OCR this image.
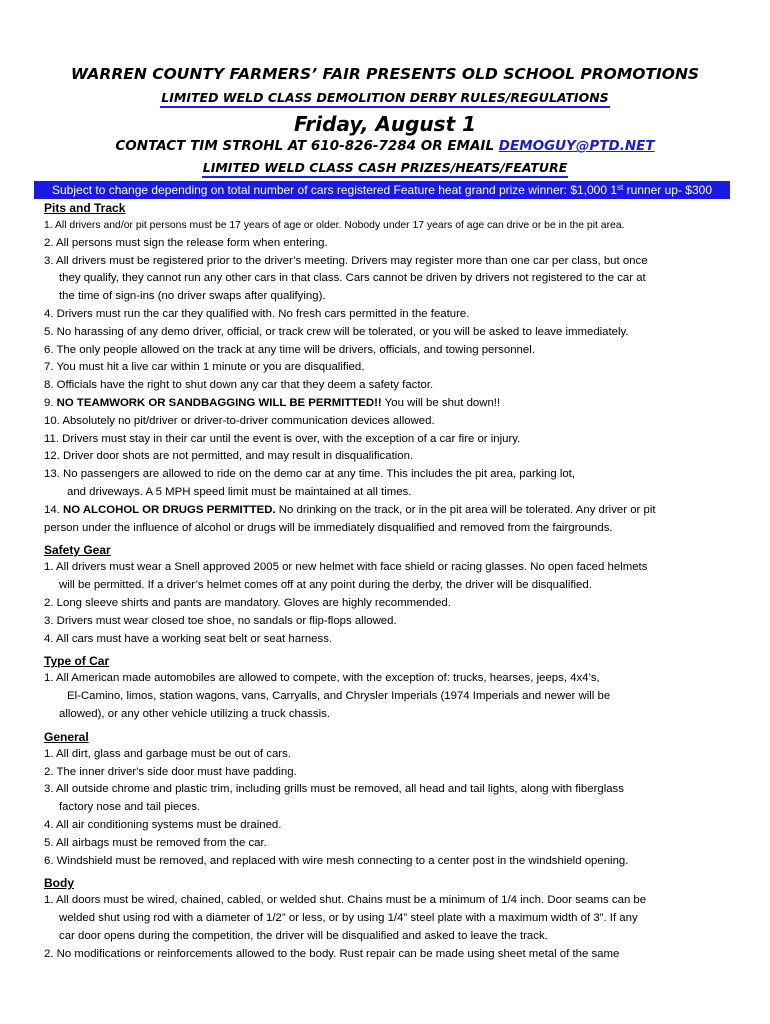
WARREN COUNTY FARMERS’ FAIR PRESENTS OLD SCHOOL PROMOTIONS
LIMITED WELD CLASS DEMOLITION DERBY RULES/REGULATIONS
Friday, August 1
CONTACT TIM STROHL AT 610-826-7284 OR EMAIL DEMOGUY@PTD.NET
LIMITED WELD CLASS CASH PRIZES/HEATS/FEATURE
Subject to change depending on total number of cars registered Feature heat grand prize winner: $1,000 1st runner up- $300
Pits and Track
1. All drivers and/or pit persons must be 17 years of age or older. Nobody under 17 years of age can drive or be in the pit area.
2. All persons must sign the release form when entering.
3. All drivers must be registered prior to the driver’s meeting. Drivers may register more than one car per class, but once
they qualify, they cannot run any other cars in that class. Cars cannot be driven by drivers not registered to the car at
the time of sign-ins (no driver swaps after qualifying).
4. Drivers must run the car they qualified with. No fresh cars permitted in the feature.
5. No harassing of any demo driver, official, or track crew will be tolerated, or you will be asked to leave immediately.
6. The only people allowed on the track at any time will be drivers, officials, and towing personnel.
7. You must hit a live car within 1 minute or you are disqualified.
8. Officials have the right to shut down any car that they deem a safety factor.
9. NO TEAMWORK OR SANDBAGGING WILL BE PERMITTED!! You will be shut down!!
10. Absolutely no pit/driver or driver-to-driver communication devices allowed.
11. Drivers must stay in their car until the event is over, with the exception of a car fire or injury.
12. Driver door shots are not permitted, and may result in disqualification.
13. No passengers are allowed to ride on the demo car at any time. This includes the pit area, parking lot,
and driveways. A 5 MPH speed limit must be maintained at all times.
14. NO ALCOHOL OR DRUGS PERMITTED. No drinking on the track, or in the pit area will be tolerated. Any driver or pit
person under the influence of alcohol or drugs will be immediately disqualified and removed from the fairgrounds.
Safety Gear
1. All drivers must wear a Snell approved 2005 or new helmet with face shield or racing glasses. No open faced helmets
will be permitted. If a driver’s helmet comes off at any point during the derby, the driver will be disqualified.
2. Long sleeve shirts and pants are mandatory. Gloves are highly recommended.
3. Drivers must wear closed toe shoe, no sandals or flip-flops allowed.
4. All cars must have a working seat belt or seat harness.
Type of Car
1. All American made automobiles are allowed to compete, with the exception of: trucks, hearses, jeeps, 4x4’s,
El-Camino, limos, station wagons, vans, Carryalls, and Chrysler Imperials (1974 Imperials and newer will be
allowed), or any other vehicle utilizing a truck chassis.
General
1. All dirt, glass and garbage must be out of cars.
2. The inner driver's side door must have padding.
3. All outside chrome and plastic trim, including grills must be removed, all head and tail lights, along with fiberglass
factory nose and tail pieces.
4. All air conditioning systems must be drained.
5. All airbags must be removed from the car.
6. Windshield must be removed, and replaced with wire mesh connecting to a center post in the windshield opening.
Body
1. All doors must be wired, chained, cabled, or welded shut. Chains must be a minimum of 1/4 inch. Door seams can be
welded shut using rod with a diameter of 1/2” or less, or by using 1/4” steel plate with a maximum width of 3”. If any
car door opens during the competition, the driver will be disqualified and asked to leave the track.
2. No modifications or reinforcements allowed to the body. Rust repair can be made using sheet metal of the same
